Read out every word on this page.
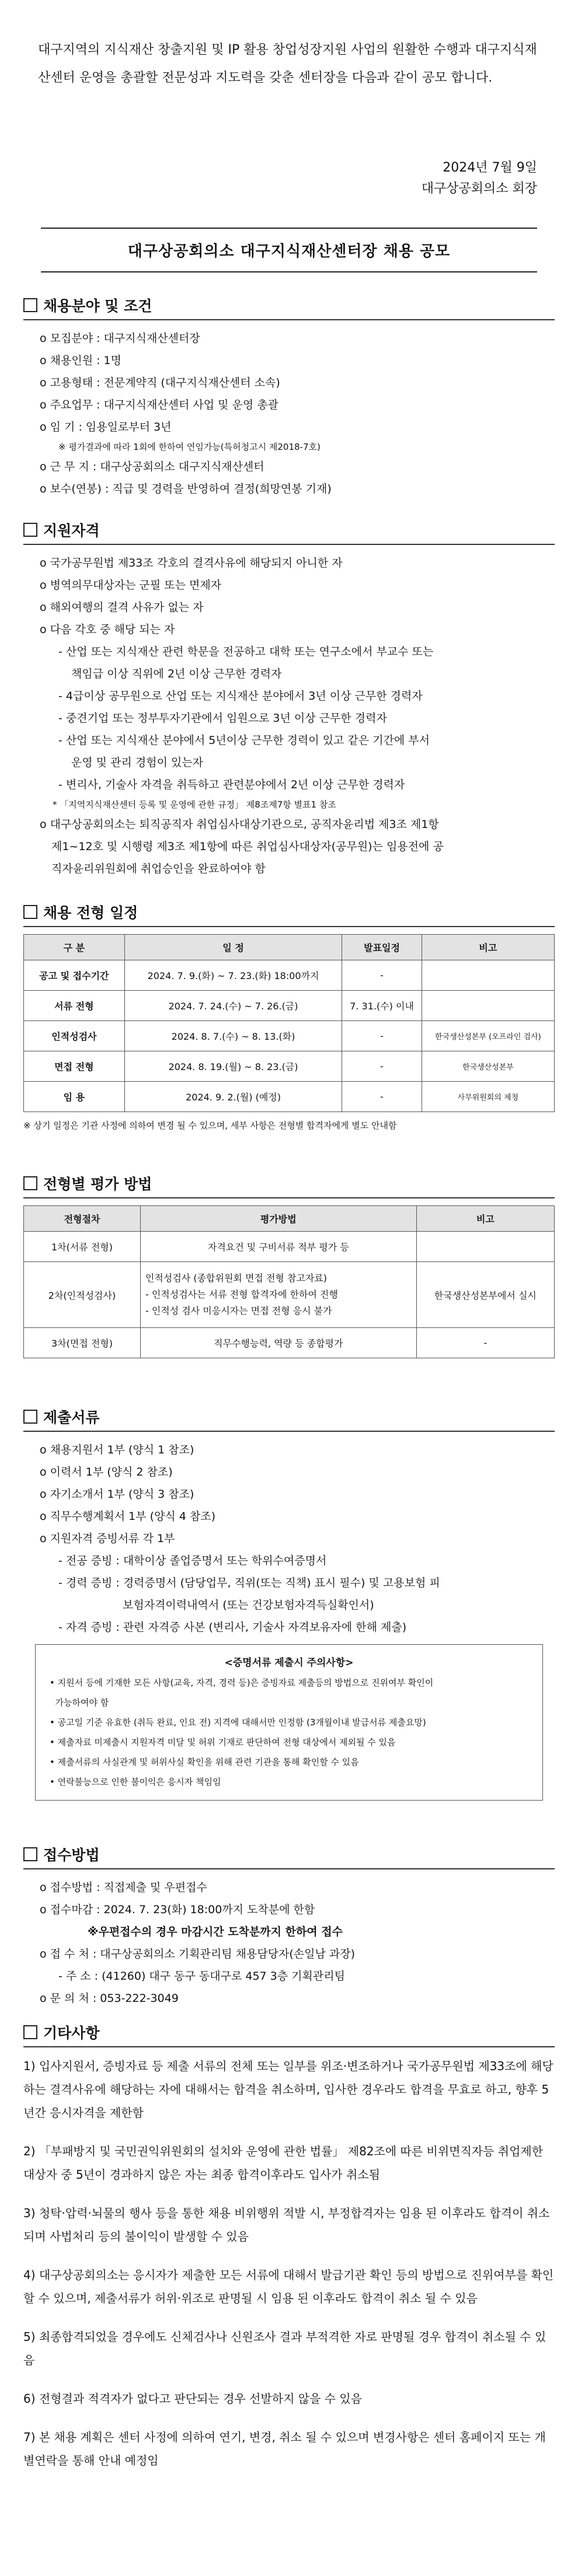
대구지역의 지식재산 창출지원 및 IP 활용 창업성장지원 사업의 원활한 수행과 대구지식재산센터 운영을 총괄할 전문성과 지도력을 갖춘 센터장을 다음과 같이 공모 합니다.

2024년 7월 9일
대구상공회의소 회장
대구상공회의소 대구지식재산센터장 채용 공모
채용분야 및 조건
o 모집분야 : 대구지식재산센터장
o 채용인원 : 1명
o 고용형태 : 전문계약직 (대구지식재산센터 소속)
o 주요업무 : 대구지식재산센터 사업 및 운영 총괄
o 임 기 : 임용일로부터 3년
※ 평가결과에 따라 1회에 한하여 연임가능(특허청고시 제2018-7호)
o 근 무 지 : 대구상공회의소 대구지식재산센터
o 보수(연봉) : 직급 및 경력을 반영하여 결정(희망연봉 기재)
지원자격
o 국가공무원법 제33조 각호의 결격사유에 해당되지 아니한 자
o 병역의무대상자는 군필 또는 면제자
o 해외여행의 결격 사유가 없는 자
o 다음 각호 중 해당 되는 자
- 산업 또는 지식재산 관련 학문을 전공하고 대학 또는 연구소에서 부교수 또는
책임급 이상 직위에 2년 이상 근무한 경력자
- 4급이상 공무원으로 산업 또는 지식재산 분야에서 3년 이상 근무한 경력자
- 중견기업 또는 정부투자기관에서 임원으로 3년 이상 근무한 경력자
- 산업 또는 지식재산 분야에서 5년이상 근무한 경력이 있고 같은 기간에 부서
운영 및 관리 경험이 있는자
- 변리사, 기술사 자격을 취득하고 관련분야에서 2년 이상 근무한 경력자
* 「지역지식재산센터 등록 및 운영에 관한 규정」 제8조제7항 별표1 참조
o 대구상공회의소는 퇴직공직자 취업심사대상기관으로, 공직자윤리법 제3조 제1항
제1~12호 및 시행령 제3조 제1항에 따른 취업심사대상자(공무원)는 임용전에 공
직자윤리위원회에 취업승인을 완료하여야 함
채용 전형 일정
구 분	일 정	발표일정	비고
공고 및 접수기간	2024. 7. 9.(화) ~ 7. 23.(화) 18:00까지	-	
서류 전형	2024. 7. 24.(수) ~ 7. 26.(금)	7. 31.(수) 이내	
인적성검사	2024. 8. 7.(수) ~ 8. 13.(화)	-	한국생산성본부 (오프라인 검사)
면접 전형	2024. 8. 19.(월) ~ 8. 23.(금)	-	한국생산성본부
임 용	2024. 9. 2.(월) (예정)	-	사무위원회의 제청
※ 상기 일정은 기관 사정에 의하여 변경 될 수 있으며, 세부 사항은 전형별 합격자에게 별도 안내함
전형별 평가 방법
전형절차	평가방법	비고
1차(서류 전형)	자격요건 및 구비서류 적부 평가 등	
2차(인적성검사)	인적성검사 (종합위원회 면접 전형 참고자료)
- 인적성검사는 서류 전형 합격자에 한하여 진행
- 인적성 검사 미응시자는 면접 전형 응시 불가	한국생산성본부에서 실시
3차(면접 전형)	직무수행능력, 역량 등 종합평가	-
제출서류
o 채용지원서 1부 (양식 1 참조)
o 이력서 1부 (양식 2 참조)
o 자기소개서 1부 (양식 3 참조)
o 직무수행계획서 1부 (양식 4 참조)
o 지원자격 증빙서류 각 1부
- 전공 증빙 : 대학이상 졸업증명서 또는 학위수여증명서
- 경력 증빙 : 경력증명서 (담당업무, 직위(또는 직책) 표시 필수) 및 고용보험 피
보험자격이력내역서 (또는 건강보험자격득실확인서)
- 자격 증빙 : 관련 자격증 사본 (변리사, 기술사 자격보유자에 한해 제출)
<증명서류 제출시 주의사항>
• 지원서 등에 기재한 모든 사항(교육, 자격, 경력 등)은 증빙자료 제출등의 방법으로 진위여부 확인이
가능하여야 함
• 공고일 기준 유효한 (취득 완료, 인요 전) 지격에 대해서만 인정함 (3개월이내 발급서류 제출요망)
• 제출자료 미제출시 지원자격 미달 및 허위 기재로 판단하여 전형 대상에서 제외될 수 있음
• 제출서류의 사실관계 및 허위사실 확인을 위해 관련 기관을 통해 확인할 수 있음
• 연락불능으로 인한 불이익은 응시자 책임임
접수방법
o 접수방법 : 직접제출 및 우편접수
o 접수마감 : 2024. 7. 23(화) 18:00까지 도착분에 한함
※우편접수의 경우 마감시간 도착분까지 한하여 접수
o 접 수 처 : 대구상공회의소 기획관리팀 채용담당자(손일남 과장)
- 주 소 : (41260) 대구 동구 동대구로 457 3층 기획관리팀
o 문 의 처 : 053-222-3049
기타사항

1) 입사지원서, 증빙자료 등 제출 서류의 전체 또는 일부를 위조·변조하거나 국가공무원법 제33조에 해당하는 결격사유에 해당하는 자에 대해서는 합격을 취소하며, 입사한 경우라도 합격을 무효로 하고, 향후 5년간 응시자격을 제한함

2) 「부패방지 및 국민권익위원회의 설치와 운영에 관한 법률」 제82조에 따른 비위면직자등 취업제한 대상자 중 5년이 경과하지 않은 자는 최종 합격이후라도 입사가 취소됨

3) 청탁·압력·뇌물의 행사 등을 통한 채용 비위행위 적발 시, 부정합격자는 임용 된 이후라도 합격이 취소되며 사법처리 등의 불이익이 발생할 수 있음

4) 대구상공회의소는 응시자가 제출한 모든 서류에 대해서 발급기관 확인 등의 방법으로 진위여부를 확인할 수 있으며, 제출서류가 허위·위조로 판명될 시 임용 된 이후라도 합격이 취소 될 수 있음

5) 최종합격되었을 경우에도 신체검사나 신원조사 결과 부적격한 자로 판명될 경우 합격이 취소될 수 있음

6) 전형결과 적격자가 없다고 판단되는 경우 선발하지 않을 수 있음

7) 본 채용 계획은 센터 사정에 의하여 연기, 변경, 취소 될 수 있으며 변경사항은 센터 홈페이지 또는 개별연락을 통해 안내 예정임
